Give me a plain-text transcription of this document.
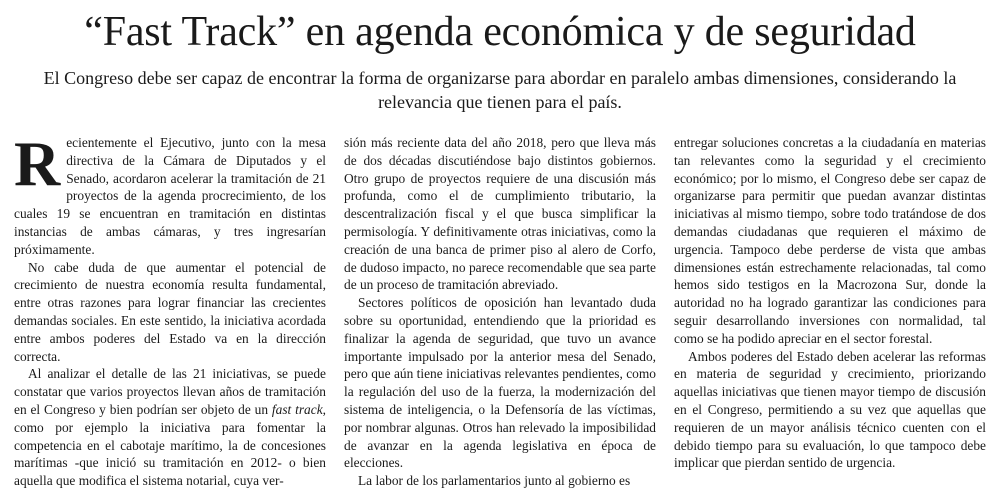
“Fast Track” en agenda económica y de seguridad
El Congreso debe ser capaz de encontrar la forma de organizarse para abordar en paralelo ambas dimensiones, considerando la relevancia que tienen para el país.

Recientemente el Ejecutivo, junto con la mesa directiva de la Cámara de Diputados y el Senado, acordaron acelerar la tramitación de 21 proyectos de la agenda procrecimiento, de los cuales 19 se encuentran en tramitación en distintas instancias de ambas cámaras, y tres ingresarían próximamente.

No cabe duda de que aumentar el potencial de crecimiento de nuestra economía resulta fundamental, entre otras razones para lograr financiar las crecientes demandas sociales. En este sentido, la iniciativa acordada entre ambos poderes del Estado va en la dirección correcta.

Al analizar el detalle de las 21 iniciativas, se puede constatar que varios proyectos llevan años de tramitación en el Congreso y bien podrían ser objeto de un fast track, como por ejemplo la iniciativa para fomentar la competencia en el cabotaje marítimo, la de concesiones marítimas -que inició su tramitación en 2012- o bien aquella que modifica el sistema notarial, cuya ver-

sión más reciente data del año 2018, pero que lleva más de dos décadas discutiéndose bajo distintos gobiernos. Otro grupo de proyectos requiere de una discusión más profunda, como el de cumplimiento tributario, la descentralización fiscal y el que busca simplificar la permisología. Y definitivamente otras iniciativas, como la creación de una banca de primer piso al alero de Corfo, de dudoso impacto, no parece recomendable que sea parte de un proceso de tramitación abreviado.

Sectores políticos de oposición han levantado duda sobre su oportunidad, entendiendo que la prioridad es finalizar la agenda de seguridad, que tuvo un avance importante impulsado por la anterior mesa del Senado, pero que aún tiene iniciativas relevantes pendientes, como la regulación del uso de la fuerza, la modernización del sistema de inteligencia, o la Defensoría de las víctimas, por nombrar algunas. Otros han relevado la imposibilidad de avanzar en la agenda legislativa en época de elecciones.

La labor de los parlamentarios junto al gobierno es

entregar soluciones concretas a la ciudadanía en materias tan relevantes como la seguridad y el crecimiento económico; por lo mismo, el Congreso debe ser capaz de organizarse para permitir que puedan avanzar distintas iniciativas al mismo tiempo, sobre todo tratándose de dos demandas ciudadanas que requieren el máximo de urgencia. Tampoco debe perderse de vista que ambas dimensiones están estrechamente relacionadas, tal como hemos sido testigos en la Macrozona Sur, donde la autoridad no ha logrado garantizar las condiciones para seguir desarrollando inversiones con normalidad, tal como se ha podido apreciar en el sector forestal.

Ambos poderes del Estado deben acelerar las reformas en materia de seguridad y crecimiento, priorizando aquellas iniciativas que tienen mayor tiempo de discusión en el Congreso, permitiendo a su vez que aquellas que requieren de un mayor análisis técnico cuenten con el debido tiempo para su evaluación, lo que tampoco debe implicar que pierdan sentido de urgencia.
